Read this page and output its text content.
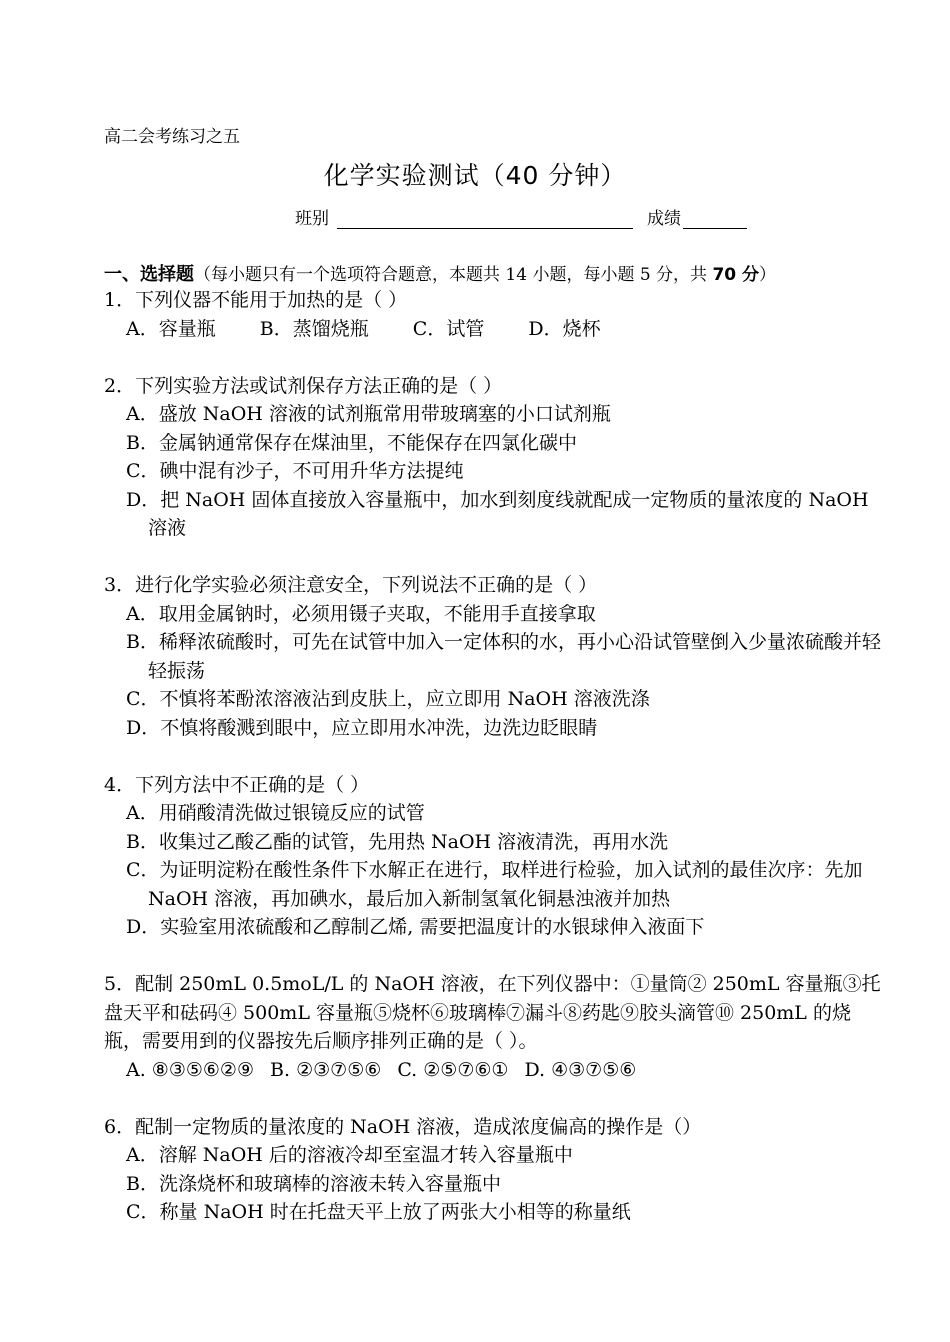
高二会考练习之五
化学实验测试（40 分钟）
班别	成绩
一、选择题（每小题只有一个选项符合题意，本题共 14 小题，每小题 5 分，共 70 分）
1．下列仪器不能用于加热的是（ ）
A．容量瓶 B．蒸馏烧瓶 C．试管 D．烧杯
2．下列实验方法或试剂保存方法正确的是（ ）
A．盛放 NaOH 溶液的试剂瓶常用带玻璃塞的小口试剂瓶
B．金属钠通常保存在煤油里，不能保存在四氯化碳中
C．碘中混有沙子，不可用升华方法提纯
D．把 NaOH 固体直接放入容量瓶中，加水到刻度线就配成一定物质的量浓度的 NaOH 溶液
3．进行化学实验必须注意安全，下列说法不正确的是（ ）
A．取用金属钠时，必须用镊子夹取，不能用手直接拿取
B．稀释浓硫酸时，可先在试管中加入一定体积的水，再小心沿试管壁倒入少量浓硫酸并轻轻振荡
C．不慎将苯酚浓溶液沾到皮肤上，应立即用 NaOH 溶液洗涤
D．不慎将酸溅到眼中，应立即用水冲洗，边洗边眨眼睛
4．下列方法中不正确的是（ ）
A．用硝酸清洗做过银镜反应的试管
B．收集过乙酸乙酯的试管，先用热 NaOH 溶液清洗，再用水洗
C．为证明淀粉在酸性条件下水解正在进行，取样进行检验，加入试剂的最佳次序：先加 NaOH 溶液，再加碘水，最后加入新制氢氧化铜悬浊液并加热
D．实验室用浓硫酸和乙醇制乙烯, 需要把温度计的水银球伸入液面下
5．配制 250mL 0.5moL/L 的 NaOH 溶液，在下列仪器中：①量筒② 250mL 容量瓶③托盘天平和砝码④ 500mL 容量瓶⑤烧杯⑥玻璃棒⑦漏斗⑧药匙⑨胶头滴管⑩ 250mL 的烧瓶，需要用到的仪器按先后顺序排列正确的是（ ）。
A. ⑧③⑤⑥②⑨ B. ②③⑦⑤⑥ C. ②⑤⑦⑥① D. ④③⑦⑤⑥
6．配制一定物质的量浓度的 NaOH 溶液，造成浓度偏高的操作是（）
A．溶解 NaOH 后的溶液冷却至室温才转入容量瓶中
B．洗涤烧杯和玻璃棒的溶液未转入容量瓶中
C．称量 NaOH 时在托盘天平上放了两张大小相等的称量纸
